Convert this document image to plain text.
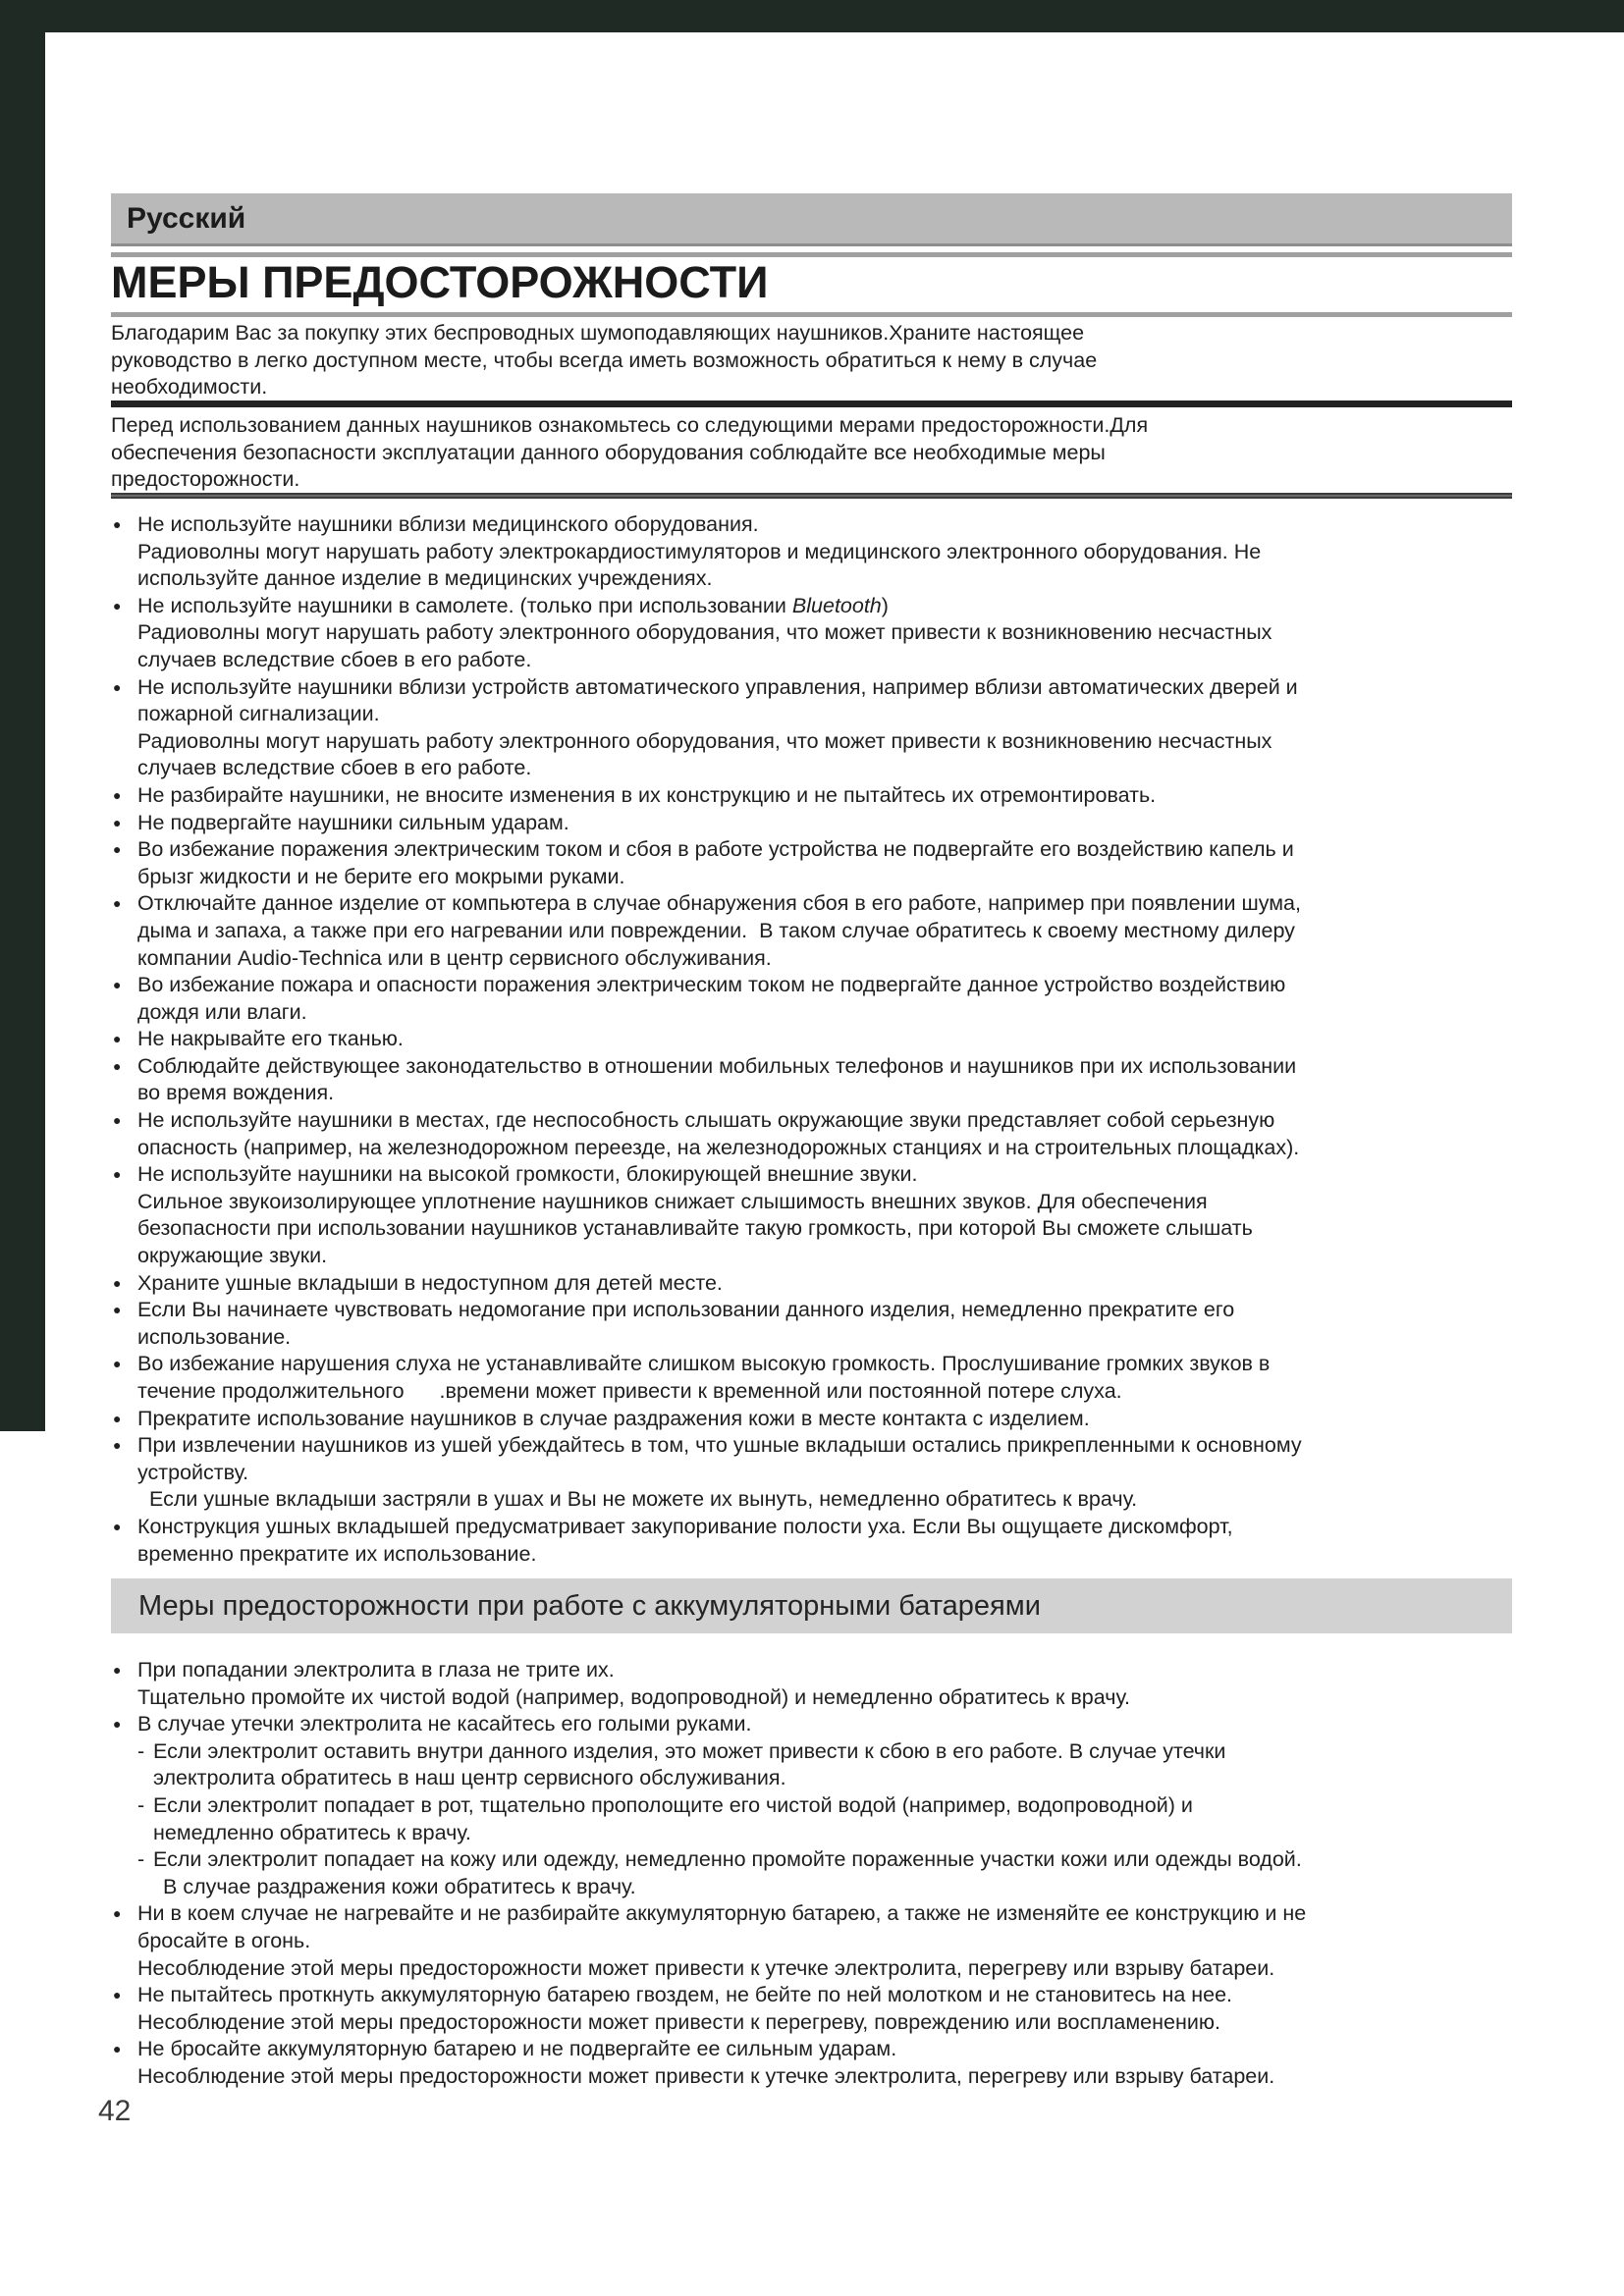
Русский
МЕРЫ ПРЕДОСТОРОЖНОСТИ
Благодарим Вас за покупку этих беспроводных шумоподавляющих наушников.Храните настоящее
руководство в легко доступном месте, чтобы всегда иметь возможность обратиться к нему в случае
необходимости.
Перед использованием данных наушников ознакомьтесь со следующими мерами предосторожности.Для
обеспечения безопасности эксплуатации данного оборудования соблюдайте все необходимые меры
предосторожности.
● Не используйте наушники вблизи медицинского оборудования.
Радиоволны могут нарушать работу электрокардиостимуляторов и медицинского электронного оборудования. Не
используйте данное изделие в медицинских учреждениях.
● Не используйте наушники в самолете. (только при использовании Bluetooth)
Радиоволны могут нарушать работу электронного оборудования, что может привести к возникновению несчастных
случаев вследствие сбоев в его работе.
● Не используйте наушники вблизи устройств автоматического управления, например вблизи автоматических дверей и
пожарной сигнализации.
Радиоволны могут нарушать работу электронного оборудования, что может привести к возникновению несчастных
случаев вследствие сбоев в его работе.
● Не разбирайте наушники, не вносите изменения в их конструкцию и не пытайтесь их отремонтировать.
● Не подвергайте наушники сильным ударам.
● Во избежание поражения электрическим током и сбоя в работе устройства не подвергайте его воздействию капель и
брызг жидкости и не берите его мокрыми руками.
● Отключайте данное изделие от компьютера в случае обнаружения сбоя в его работе, например при появлении шума,
дыма и запаха, а также при его нагревании или повреждении.  В таком случае обратитесь к своему местному дилеру
компании Audio-Technica или в центр сервисного обслуживания.
● Во избежание пожара и опасности поражения электрическим током не подвергайте данное устройство воздействию
дождя или влаги.
● Не накрывайте его тканью.
● Соблюдайте действующее законодательство в отношении мобильных телефонов и наушников при их использовании
во время вождения.
● Не используйте наушники в местах, где неспособность слышать окружающие звуки представляет собой серьезную
опасность (например, на железнодорожном переезде, на железнодорожных станциях и на строительных площадках).
● Не используйте наушники на высокой громкости, блокирующей внешние звуки.
Сильное звукоизолирующее уплотнение наушников снижает слышимость внешних звуков. Для обеспечения
безопасности при использовании наушников устанавливайте такую громкость, при которой Вы сможете слышать
окружающие звуки.
● Храните ушные вкладыши в недоступном для детей месте.
● Если Вы начинаете чувствовать недомогание при использовании данного изделия, немедленно прекратите его
использование.
● Во избежание нарушения слуха не устанавливайте слишком высокую громкость. Прослушивание громких звуков в
течение продолжительного      .времени может привести к временной или постоянной потере слуха.
● Прекратите использование наушников в случае раздражения кожи в месте контакта с изделием.
● При извлечении наушников из ушей убеждайтесь в том, что ушные вкладыши остались прикрепленными к основному
устройству.
Если ушные вкладыши застряли в ушах и Вы не можете их вынуть, немедленно обратитесь к врачу.
● Конструкция ушных вкладышей предусматривает закупоривание полости уха. Если Вы ощущаете дискомфорт,
временно прекратите их использование.
Меры предосторожности при работе с аккумуляторными батареями
● При попадании электролита в глаза не трите их.
Тщательно промойте их чистой водой (например, водопроводной) и немедленно обратитесь к врачу.
● В случае утечки электролита не касайтесь его голыми руками.
- Если электролит оставить внутри данного изделия, это может привести к сбою в его работе. В случае утечки
электролита обратитесь в наш центр сервисного обслуживания.
- Если электролит попадает в рот, тщательно прополощите его чистой водой (например, водопроводной) и
немедленно обратитесь к врачу.
- Если электролит попадает на кожу или одежду, немедленно промойте пораженные участки кожи или одежды водой.
В случае раздражения кожи обратитесь к врачу.
● Ни в коем случае не нагревайте и не разбирайте аккумуляторную батарею, а также не изменяйте ее конструкцию и не
бросайте в огонь.
Несоблюдение этой меры предосторожности может привести к утечке электролита, перегреву или взрыву батареи.
● Не пытайтесь проткнуть аккумуляторную батарею гвоздем, не бейте по ней молотком и не становитесь на нее.
Несоблюдение этой меры предосторожности может привести к перегреву, повреждению или воспламенению.
● Не бросайте аккумуляторную батарею и не подвергайте ее сильным ударам.
Несоблюдение этой меры предосторожности может привести к утечке электролита, перегреву или взрыву батареи.
42
